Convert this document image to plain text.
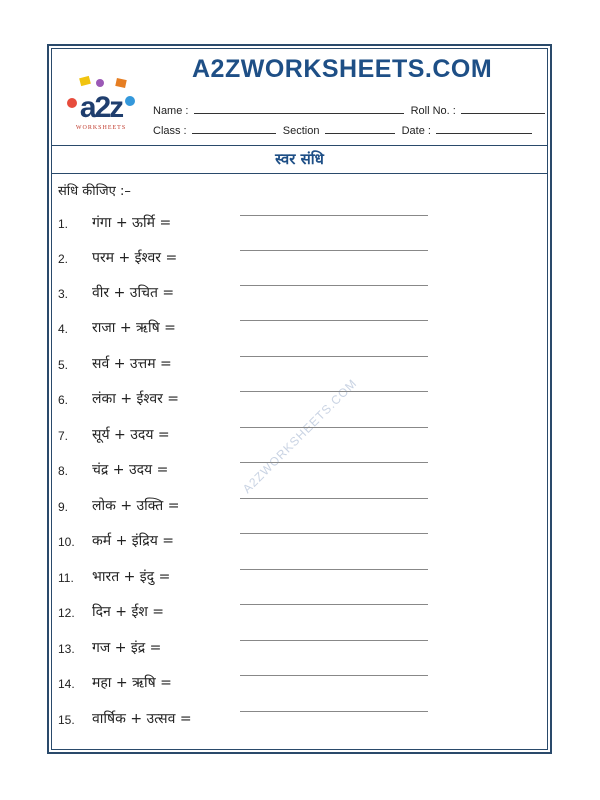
a2z
WORKSHEETS
A2ZWORKSHEETS.COM
Name :	Roll No. :
Class :	Section	Date :
स्वर संधि
संधि कीजिए :–
A2ZWORKSHEETS.COM
1. गंगा + ऊर्मि =
2. परम + ईश्वर =
3. वीर + उचित =
4. राजा + ऋषि =
5. सर्व + उत्तम =
6. लंका + ईश्वर =
7. सूर्य + उदय =
8. चंद्र + उदय =
9. लोक + उक्ति =
10. कर्म + इंद्रिय =
11. भारत + इंदु =
12. दिन + ईश =
13. गज + इंद्र =
14. महा + ऋषि =
15. वार्षिक + उत्सव =
